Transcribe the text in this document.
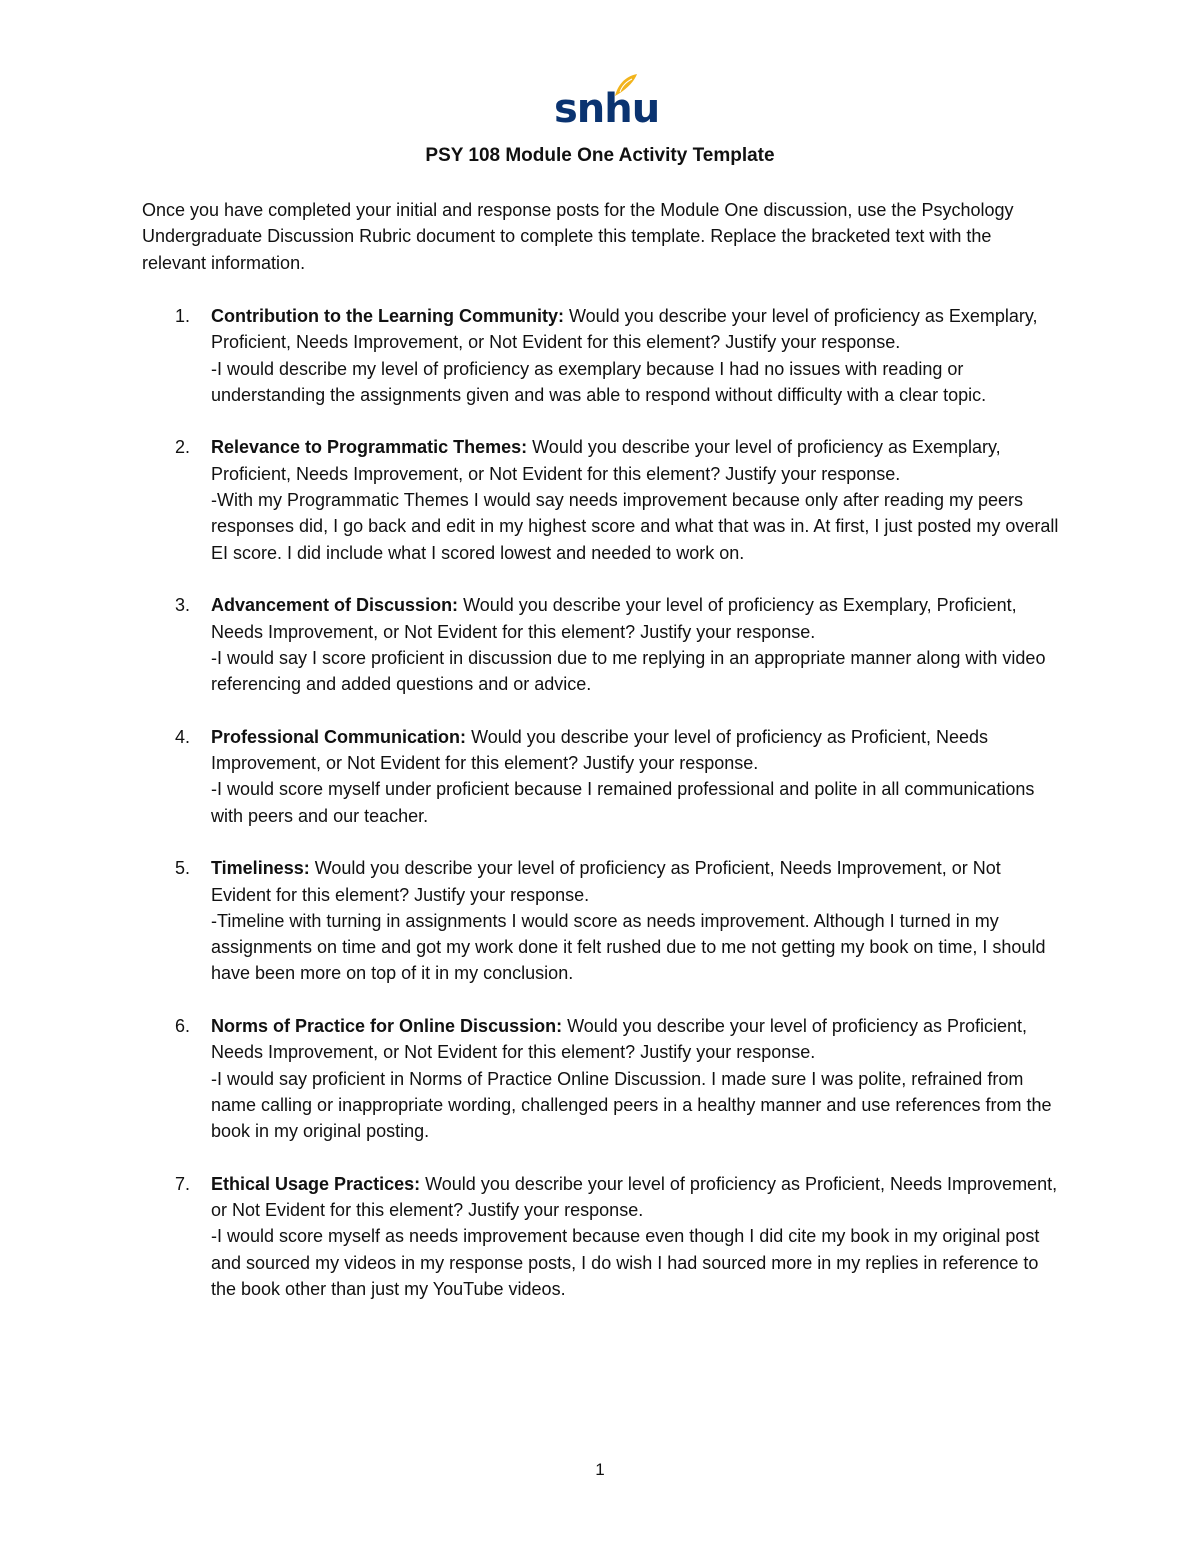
snhu
PSY 108 Module One Activity Template

Once you have completed your initial and response posts for the Module One discussion, use the Psychology Undergraduate Discussion Rubric document to complete this template. Replace the bracketed text with the relevant information.

1. Contribution to the Learning Community: Would you describe your level of proficiency as Exemplary, Proficient, Needs Improvement, or Not Evident for this element? Justify your response.
-I would describe my level of proficiency as exemplary because I had no issues with reading or understanding the assignments given and was able to respond without difficulty with a clear topic.
2. Relevance to Programmatic Themes: Would you describe your level of proficiency as Exemplary, Proficient, Needs Improvement, or Not Evident for this element? Justify your response.
-With my Programmatic Themes I would say needs improvement because only after reading my peers responses did, I go back and edit in my highest score and what that was in. At first, I just posted my overall EI score. I did include what I scored lowest and needed to work on.
3. Advancement of Discussion: Would you describe your level of proficiency as Exemplary, Proficient, Needs Improvement, or Not Evident for this element? Justify your response.
-I would say I score proficient in discussion due to me replying in an appropriate manner along with video referencing and added questions and or advice.
4. Professional Communication: Would you describe your level of proficiency as Proficient, Needs Improvement, or Not Evident for this element? Justify your response.
-I would score myself under proficient because I remained professional and polite in all communications with peers and our teacher.
5. Timeliness: Would you describe your level of proficiency as Proficient, Needs Improvement, or Not Evident for this element? Justify your response.
-Timeline with turning in assignments I would score as needs improvement. Although I turned in my assignments on time and got my work done it felt rushed due to me not getting my book on time, I should have been more on top of it in my conclusion.
6. Norms of Practice for Online Discussion: Would you describe your level of proficiency as Proficient, Needs Improvement, or Not Evident for this element? Justify your response.
-I would say proficient in Norms of Practice Online Discussion. I made sure I was polite, refrained from name calling or inappropriate wording, challenged peers in a healthy manner and use references from the book in my original posting.
7. Ethical Usage Practices: Would you describe your level of proficiency as Proficient, Needs Improvement, or Not Evident for this element? Justify your response.
-I would score myself as needs improvement because even though I did cite my book in my original post and sourced my videos in my response posts, I do wish I had sourced more in my replies in reference to the book other than just my YouTube videos.
1
